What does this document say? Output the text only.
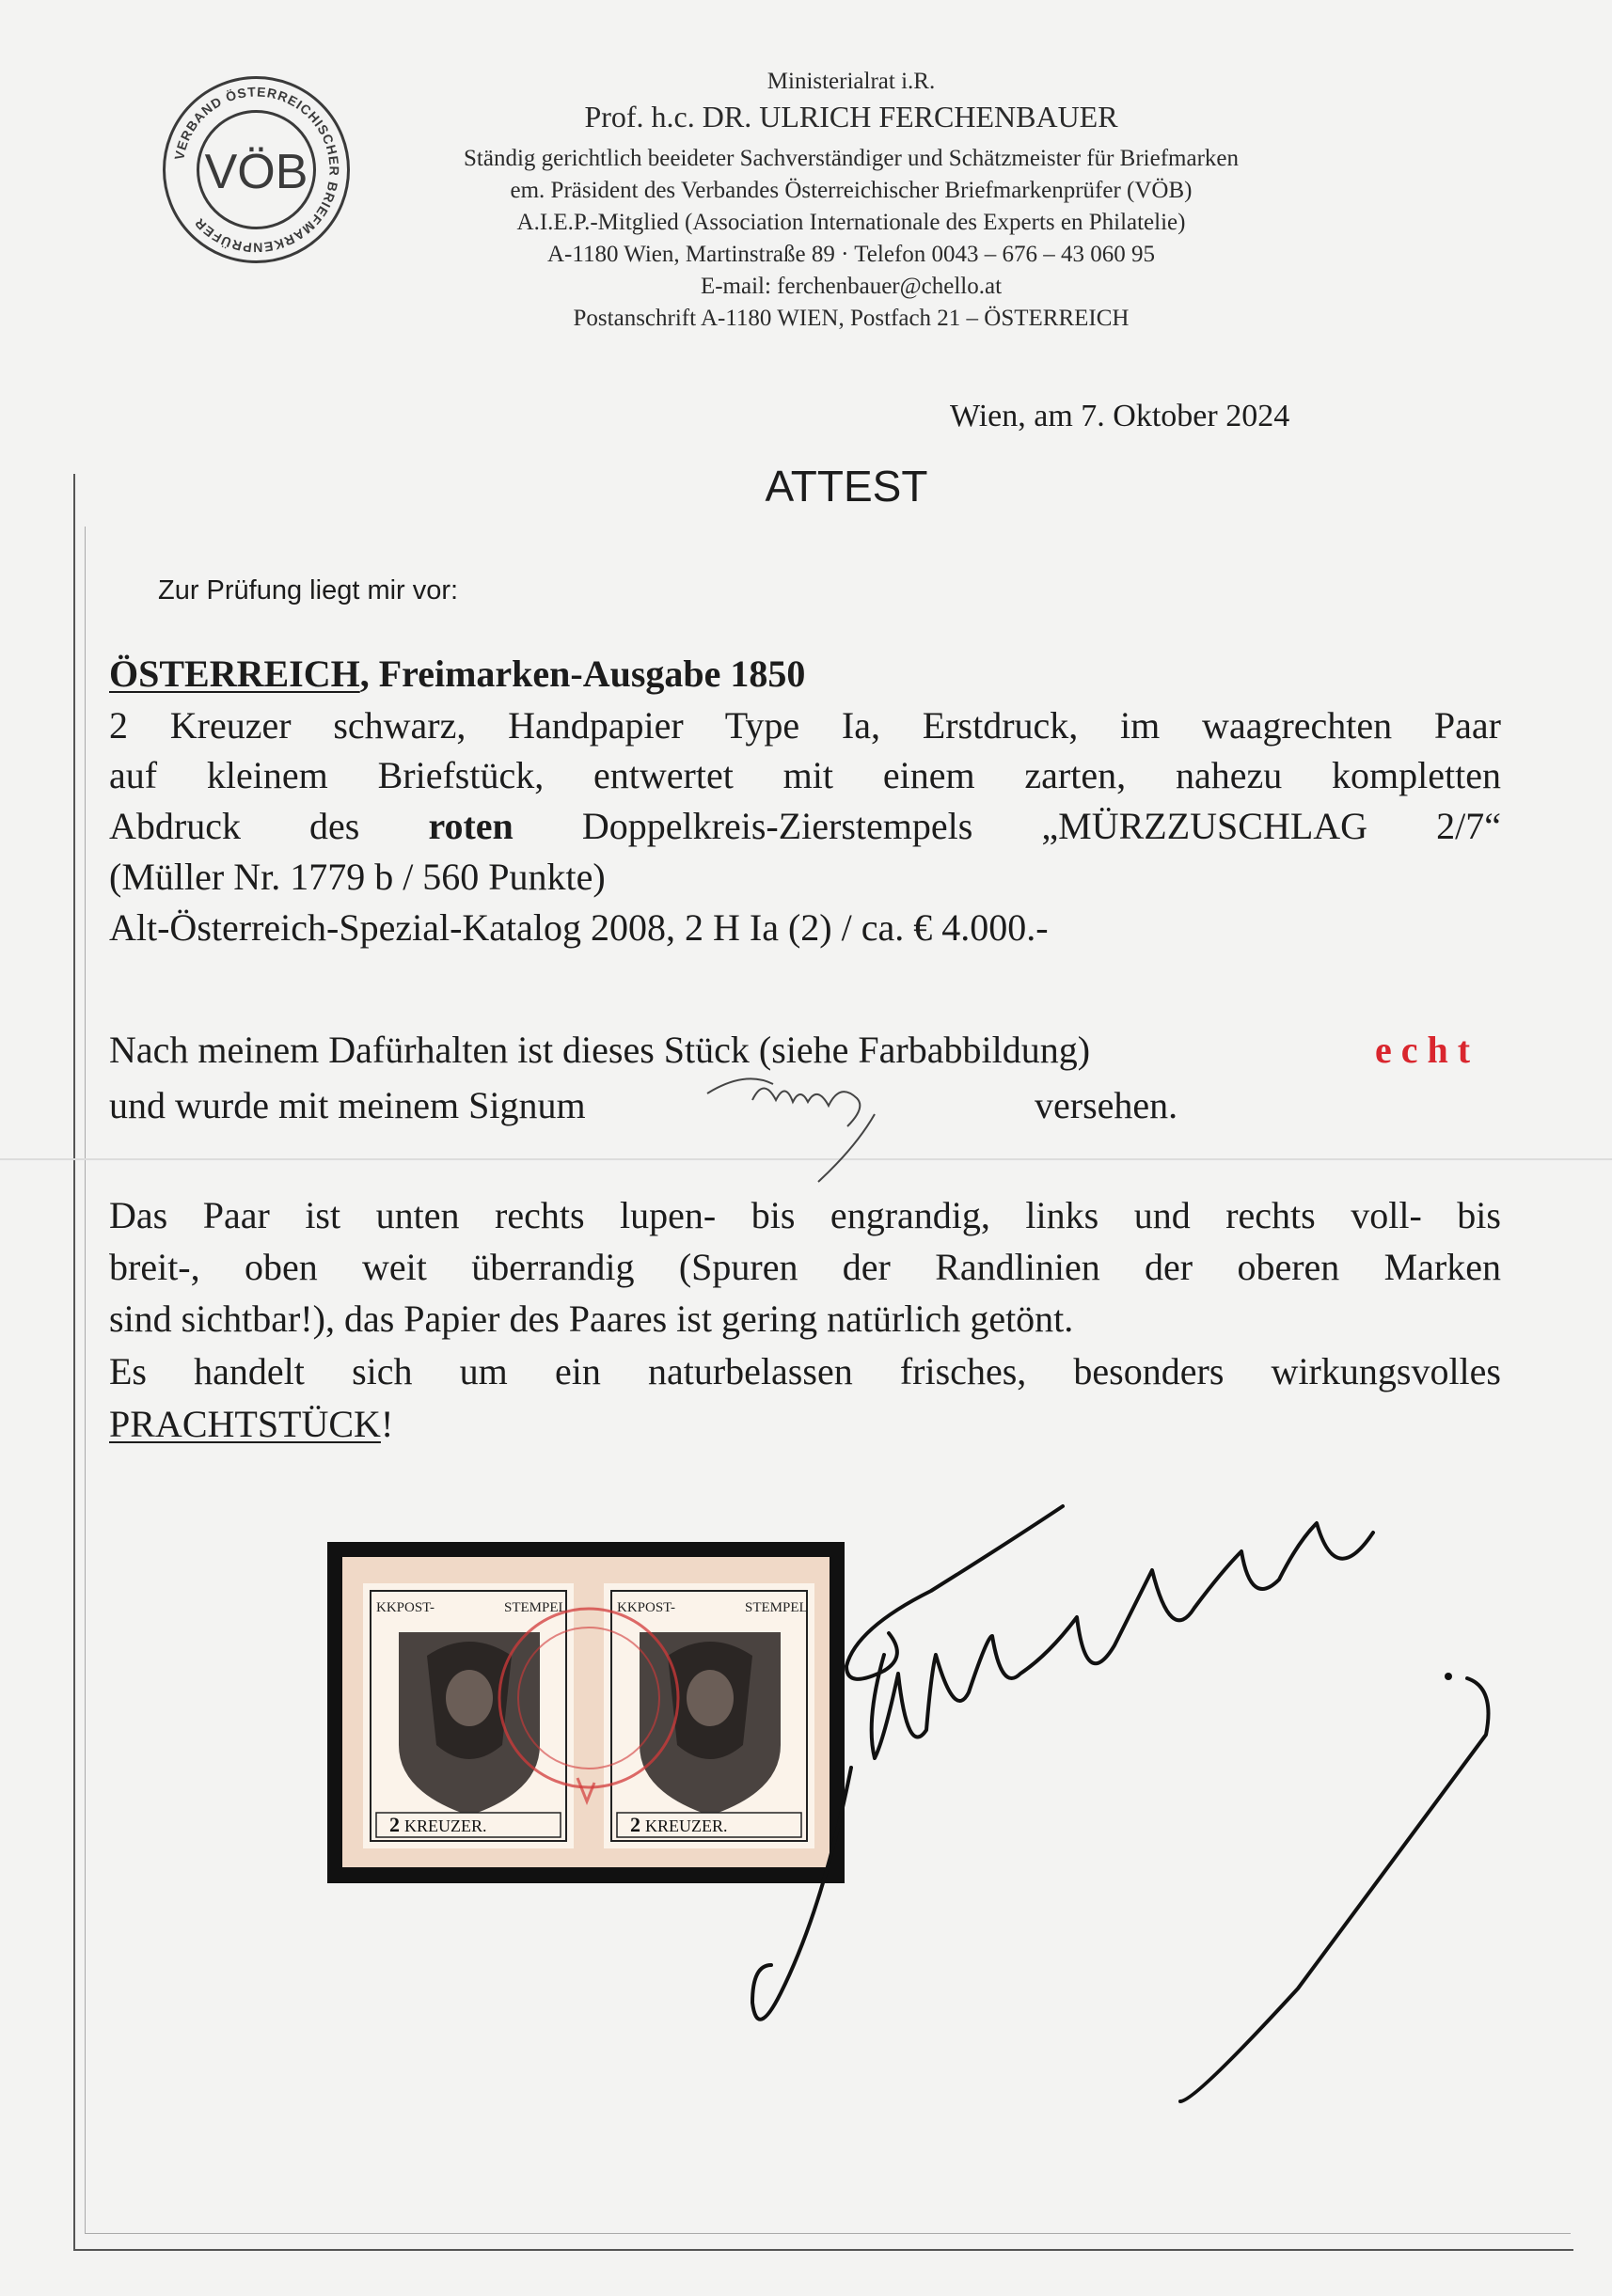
VERBAND ÖSTERREICHISCHER BRIEFMARKENPRÜFER
VÖB
Ministerialrat i.R.
Prof. h.c. DR. ULRICH FERCHENBAUER
Ständig gerichtlich beeideter Sachverständiger und Schätzmeister für Briefmarken
em. Präsident des Verbandes Österreichischer Briefmarkenprüfer (VÖB)
A.I.E.P.-Mitglied (Association Internationale des Experts en Philatelie)
A-1180 Wien, Martinstraße 89 · Telefon 0043 – 676 – 43 060 95
E-mail: ferchenbauer@chello.at
Postanschrift A-1180 WIEN, Postfach 21 – ÖSTERREICH
Wien, am 7. Oktober 2024
ATTEST
Zur Prüfung liegt mir vor:
ÖSTERREICH, Freimarken-Ausgabe 1850
2 Kreuzer schwarz, Handpapier Type Ia, Erstdruck, im waagrechten Paar
auf kleinem Briefstück, entwertet mit einem zarten, nahezu kompletten
Abdruck des roten Doppelkreis-Zierstempels „MÜRZZUSCHLAG 2/7“
(Müller Nr. 1779 b / 560 Punkte)
Alt-Österreich-Spezial-Katalog 2008, 2 H Ia (2) / ca. € 4.000.-
Nach meinem Dafürhalten ist dieses Stück (siehe Farbabbildung)	echt
und wurde mit meinem Signum	versehen.
Das Paar ist unten rechts lupen- bis engrandig, links und rechts voll- bis
breit-, oben weit überrandig (Spuren der Randlinien der oberen Marken
sind sichtbar!), das Papier des Paares ist gering natürlich getönt.
Es handelt sich um ein naturbelassen frisches, besonders wirkungsvolles
PRACHTSTÜCK!
KKPOST-	STEMPEL
2 KREUZER.
KKPOST-	STEMPEL
2 KREUZER.
